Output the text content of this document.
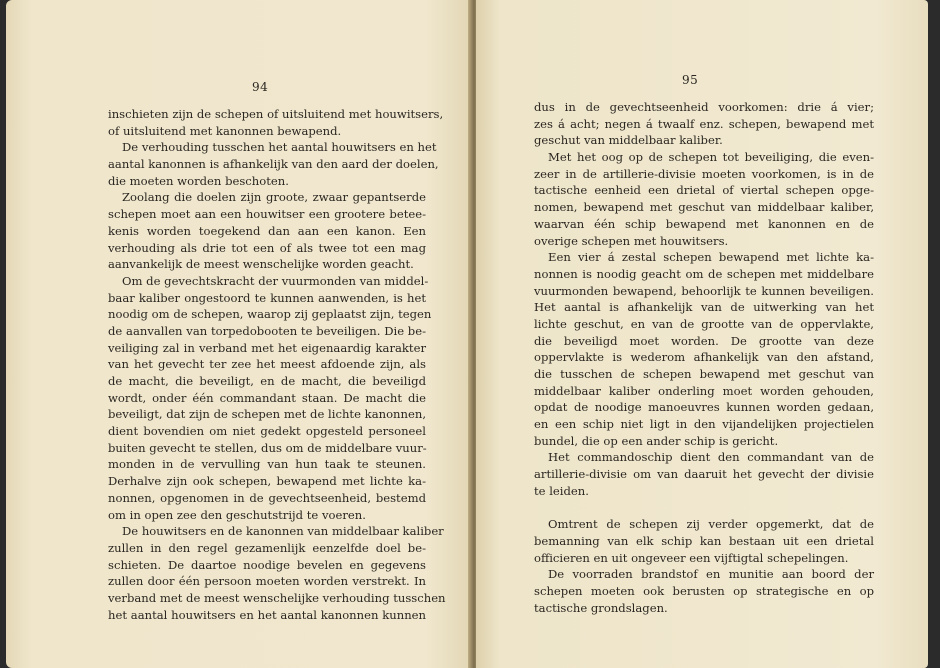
94
inschieten zijn de schepen of uitsluitend met houwitsers,
of uitsluitend met kanonnen bewapend.
De verhouding tusschen het aantal houwitsers en het
aantal kanonnen is afhankelijk van den aard der doelen,
die moeten worden beschoten.
Zoolang die doelen zijn groote, zwaar gepantserde
schepen moet aan een houwitser een grootere betee-
kenis worden toegekend dan aan een kanon. Een
verhouding als drie tot een of als twee tot een mag
aanvankelijk de meest wenschelijke worden geacht.
Om de gevechtskracht der vuurmonden van middel-
baar kaliber ongestoord te kunnen aanwenden, is het
noodig om de schepen, waarop zij geplaatst zijn, tegen
de aanvallen van torpedobooten te beveiligen. Die be-
veiliging zal in verband met het eigenaardig karakter
van het gevecht ter zee het meest afdoende zijn, als
de macht, die beveiligt, en de macht, die beveiligd
wordt, onder één commandant staan. De macht die
beveiligt, dat zijn de schepen met de lichte kanonnen,
dient bovendien om niet gedekt opgesteld personeel
buiten gevecht te stellen, dus om de middelbare vuur-
monden in de vervulling van hun taak te steunen.
Derhalve zijn ook schepen, bewapend met lichte ka-
nonnen, opgenomen in de gevechtseenheid, bestemd
om in open zee den geschutstrijd te voeren.
De houwitsers en de kanonnen van middelbaar kaliber
zullen in den regel gezamenlijk eenzelfde doel be-
schieten. De daartoe noodige bevelen en gegevens
zullen door één persoon moeten worden verstrekt. In
verband met de meest wenschelijke verhouding tusschen
het aantal houwitsers en het aantal kanonnen kunnen
95
dus in de gevechtseenheid voorkomen: drie á vier;
zes á acht; negen á twaalf enz. schepen, bewapend met
geschut van middelbaar kaliber.
Met het oog op de schepen tot beveiliging, die even-
zeer in de artillerie-divisie moeten voorkomen, is in de
tactische eenheid een drietal of viertal schepen opge-
nomen, bewapend met geschut van middelbaar kaliber,
waarvan één schip bewapend met kanonnen en de
overige schepen met houwitsers.
Een vier á zestal schepen bewapend met lichte ka-
nonnen is noodig geacht om de schepen met middelbare
vuurmonden bewapend, behoorlijk te kunnen beveiligen.
Het aantal is afhankelijk van de uitwerking van het
lichte geschut, en van de grootte van de oppervlakte,
die beveiligd moet worden. De grootte van deze
oppervlakte is wederom afhankelijk van den afstand,
die tusschen de schepen bewapend met geschut van
middelbaar kaliber onderling moet worden gehouden,
opdat de noodige manoeuvres kunnen worden gedaan,
en een schip niet ligt in den vijandelijken projectielen
bundel, die op een ander schip is gericht.
Het commandoschip dient den commandant van de
artillerie-divisie om van daaruit het gevecht der divisie
te leiden.
Omtrent de schepen zij verder opgemerkt, dat de
bemanning van elk schip kan bestaan uit een drietal
officieren en uit ongeveer een vijftigtal schepelingen.
De voorraden brandstof en munitie aan boord der
schepen moeten ook berusten op strategische en op
tactische grondslagen.
